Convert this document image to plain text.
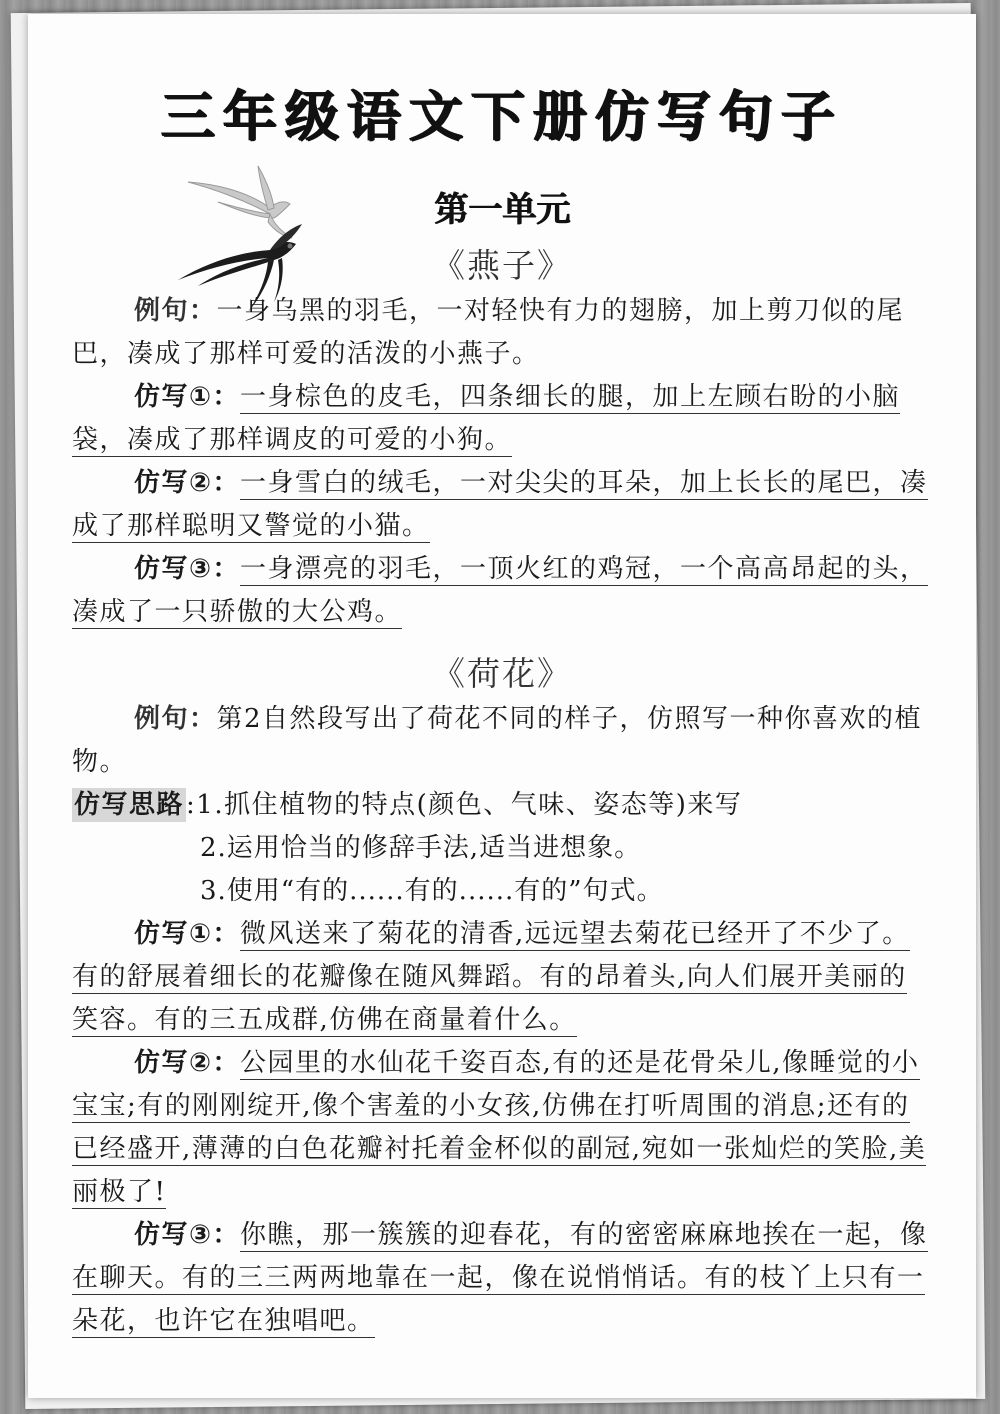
三年级语文下册仿写句子
第一单元
《燕子》

例句：一身乌黑的羽毛，一对轻快有力的翅膀，加上剪刀似的尾巴，凑成了那样可爱的活泼的小燕子。

仿写①：一身棕色的皮毛，四条细长的腿，加上左顾右盼的小脑袋，凑成了那样调皮的可爱的小狗。

仿写②：一身雪白的绒毛，一对尖尖的耳朵，加上长长的尾巴，凑成了那样聪明又警觉的小猫。

仿写③：一身漂亮的羽毛，一顶火红的鸡冠，一个高高昂起的头，凑成了一只骄傲的大公鸡。

《荷花》

例句：第2自然段写出了荷花不同的样子，仿照写一种你喜欢的植物。

仿写思路:1.抓住植物的特点(颜色、气味、姿态等)来写

2.运用恰当的修辞手法,适当进想象。
3.使用“有的......有的......有的”句式。

仿写①：微风送来了菊花的清香,远远望去菊花已经开了不少了。有的舒展着细长的花瓣像在随风舞蹈。有的昂着头,向人们展开美丽的笑容。有的三五成群,仿佛在商量着什么。

仿写②：公园里的水仙花千姿百态,有的还是花骨朵儿,像睡觉的小宝宝;有的刚刚绽开,像个害羞的小女孩,仿佛在打听周围的消息;还有的已经盛开,薄薄的白色花瓣衬托着金杯似的副冠,宛如一张灿烂的笑脸,美丽极了!

仿写③：你瞧，那一簇簇的迎春花，有的密密麻麻地挨在一起，像在聊天。有的三三两两地靠在一起，像在说悄悄话。有的枝丫上只有一朵花，也许它在独唱吧。
